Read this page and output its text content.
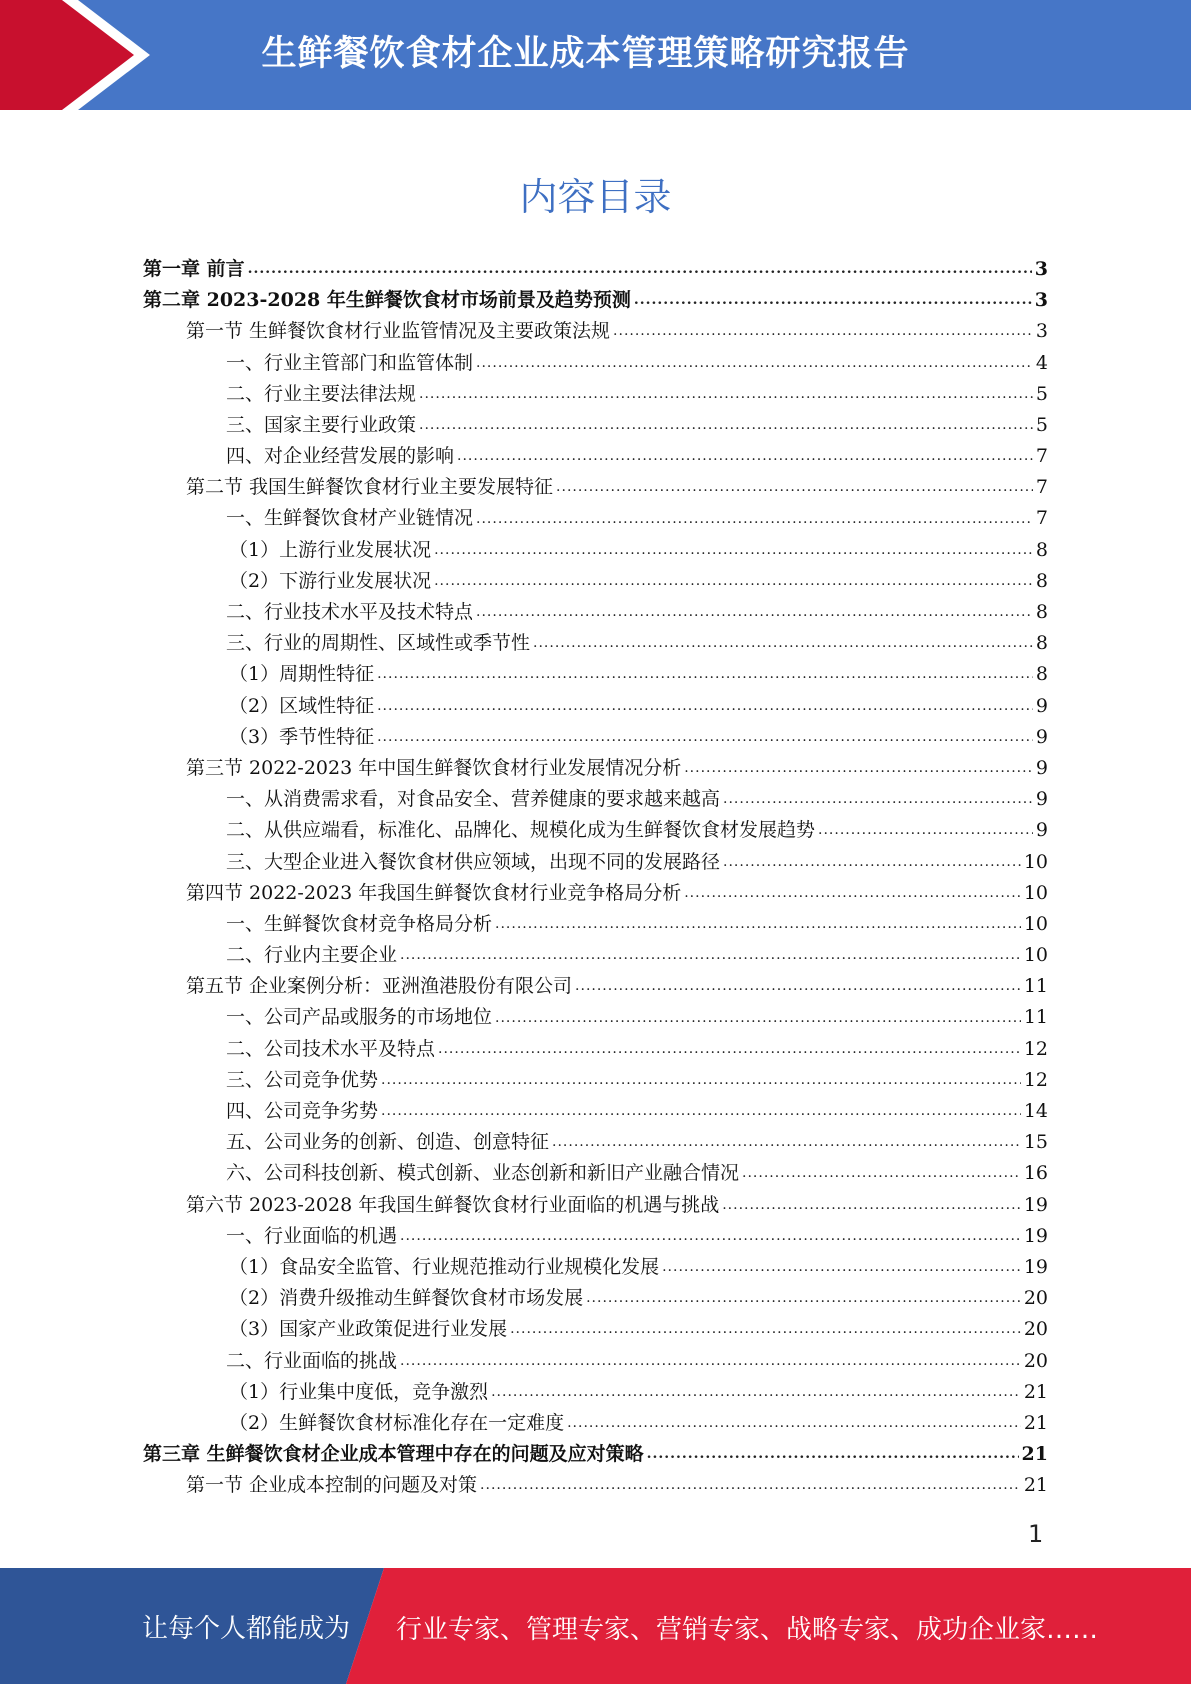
生鲜餐饮食材企业成本管理策略研究报告
内容目录
第一章 前言 .....	3
第二章 2023-2028 年生鲜餐饮食材市场前景及趋势预测 .....	3
第一节 生鲜餐饮食材行业监管情况及主要政策法规 .....	3
一、行业主管部门和监管体制 .....	4
二、行业主要法律法规 .....	5
三、国家主要行业政策 .....	5
四、对企业经营发展的影响 .....	7
第二节 我国生鲜餐饮食材行业主要发展特征 .....	7
一、生鲜餐饮食材产业链情况 .....	7
（1）上游行业发展状况 .....	8
（2）下游行业发展状况 .....	8
二、行业技术水平及技术特点 .....	8
三、行业的周期性、区域性或季节性 .....	8
（1）周期性特征 .....	8
（2）区域性特征 .....	9
（3）季节性特征 .....	9
第三节 2022-2023 年中国生鲜餐饮食材行业发展情况分析 .....	9
一、从消费需求看，对食品安全、营养健康的要求越来越高 .....	9
二、从供应端看，标准化、品牌化、规模化成为生鲜餐饮食材发展趋势 .....	9
三、大型企业进入餐饮食材供应领域，出现不同的发展路径 .....	10
第四节 2022-2023 年我国生鲜餐饮食材行业竞争格局分析 .....	10
一、生鲜餐饮食材竞争格局分析 .....	10
二、行业内主要企业 .....	10
第五节 企业案例分析：亚洲渔港股份有限公司 .....	11
一、公司产品或服务的市场地位 .....	11
二、公司技术水平及特点 .....	12
三、公司竞争优势 .....	12
四、公司竞争劣势 .....	14
五、公司业务的创新、创造、创意特征 .....	15
六、公司科技创新、模式创新、业态创新和新旧产业融合情况 .....	16
第六节 2023-2028 年我国生鲜餐饮食材行业面临的机遇与挑战 .....	19
一、行业面临的机遇 .....	19
（1）食品安全监管、行业规范推动行业规模化发展 .....	19
（2）消费升级推动生鲜餐饮食材市场发展 .....	20
（3）国家产业政策促进行业发展 .....	20
二、行业面临的挑战 .....	20
（1）行业集中度低，竞争激烈 .....	21
（2）生鲜餐饮食材标准化存在一定难度 .....	21
第三章 生鲜餐饮食材企业成本管理中存在的问题及应对策略 .....	21
第一节 企业成本控制的问题及对策 .....	21
1
让每个人都能成为 行业专家、管理专家、营销专家、战略专家、成功企业家……
